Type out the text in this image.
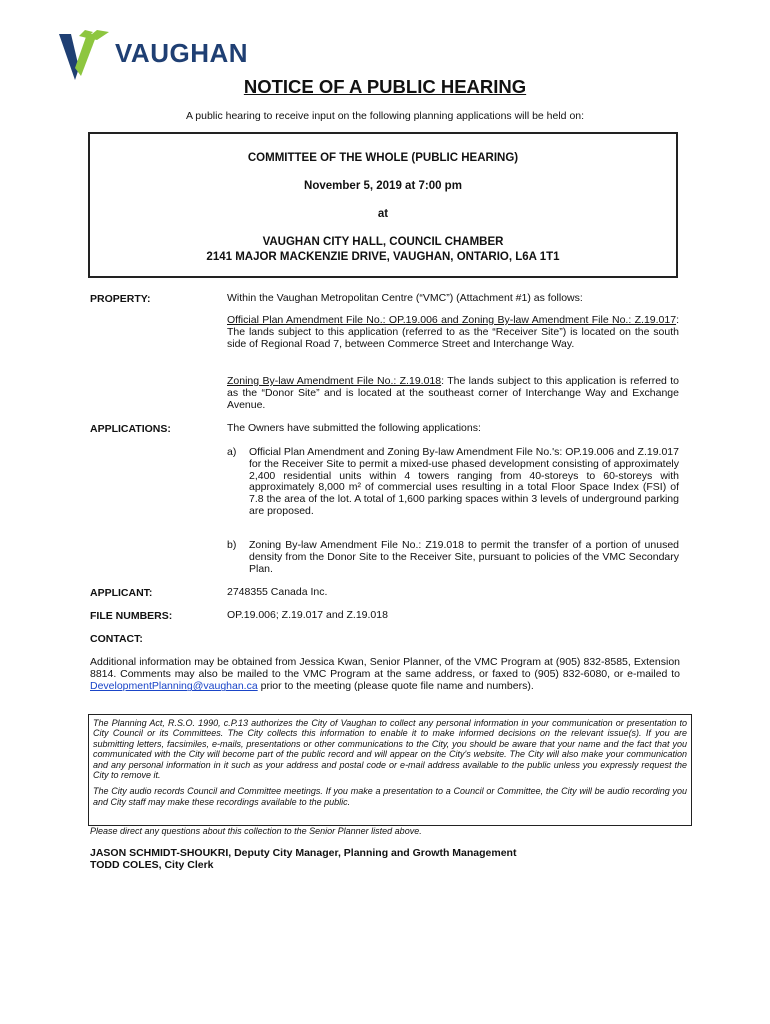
VAUGHAN
NOTICE OF A PUBLIC HEARING
A public hearing to receive input on the following planning applications will be held on:
COMMITTEE OF THE WHOLE (PUBLIC HEARING)
November 5, 2019 at 7:00 pm
at
VAUGHAN CITY HALL, COUNCIL CHAMBER
2141 MAJOR MACKENZIE DRIVE, VAUGHAN, ONTARIO, L6A 1T1
PROPERTY:	Within the Vaughan Metropolitan Centre (“VMC”) (Attachment #1) as follows:
Official Plan Amendment File No.: OP.19.006 and Zoning By-law Amendment File No.: Z.19.017: The lands subject to this application (referred to as the “Receiver Site”) is located on the south side of Regional Road 7, between Commerce Street and Interchange Way.
Zoning By-law Amendment File No.: Z.19.018: The lands subject to this application is referred to as the “Donor Site” and is located at the southeast corner of Interchange Way and Exchange Avenue.
APPLICATIONS:	The Owners have submitted the following applications:
a) Official Plan Amendment and Zoning By-law Amendment File No.'s: OP.19.006 and Z.19.017 for the Receiver Site to permit a mixed-use phased development consisting of approximately 2,400 residential units within 4 towers ranging from 40-storeys to 60-storeys with approximately 8,000 m² of commercial uses resulting in a total Floor Space Index (FSI) of 7.8 the area of the lot. A total of 1,600 parking spaces within 3 levels of underground parking are proposed.
b) Zoning By-law Amendment File No.: Z19.018 to permit the transfer of a portion of unused density from the Donor Site to the Receiver Site, pursuant to policies of the VMC Secondary Plan.
APPLICANT:	2748355 Canada Inc.
FILE NUMBERS:	OP.19.006; Z.19.017 and Z.19.018
CONTACT:
Additional information may be obtained from Jessica Kwan, Senior Planner, of the VMC Program at (905) 832-8585, Extension 8814. Comments may also be mailed to the VMC Program at the same address, or faxed to (905) 832-6080, or e-mailed to DevelopmentPlanning@vaughan.ca prior to the meeting (please quote file name and numbers).

The Planning Act, R.S.O. 1990, c.P.13 authorizes the City of Vaughan to collect any personal information in your communication or presentation to City Council or its Committees. The City collects this information to enable it to make informed decisions on the relevant issue(s). If you are submitting letters, facsimiles, e-mails, presentations or other communications to the City, you should be aware that your name and the fact that you communicated with the City will become part of the public record and will appear on the City's website. The City will also make your communication and any personal information in it such as your address and postal code or e-mail address available to the public unless you expressly request the City to remove it.

The City audio records Council and Committee meetings. If you make a presentation to a Council or Committee, the City will be audio recording you and City staff may make these recordings available to the public.

Please direct any questions about this collection to the Senior Planner listed above.
JASON SCHMIDT-SHOUKRI, Deputy City Manager, Planning and Growth Management
TODD COLES, City Clerk
